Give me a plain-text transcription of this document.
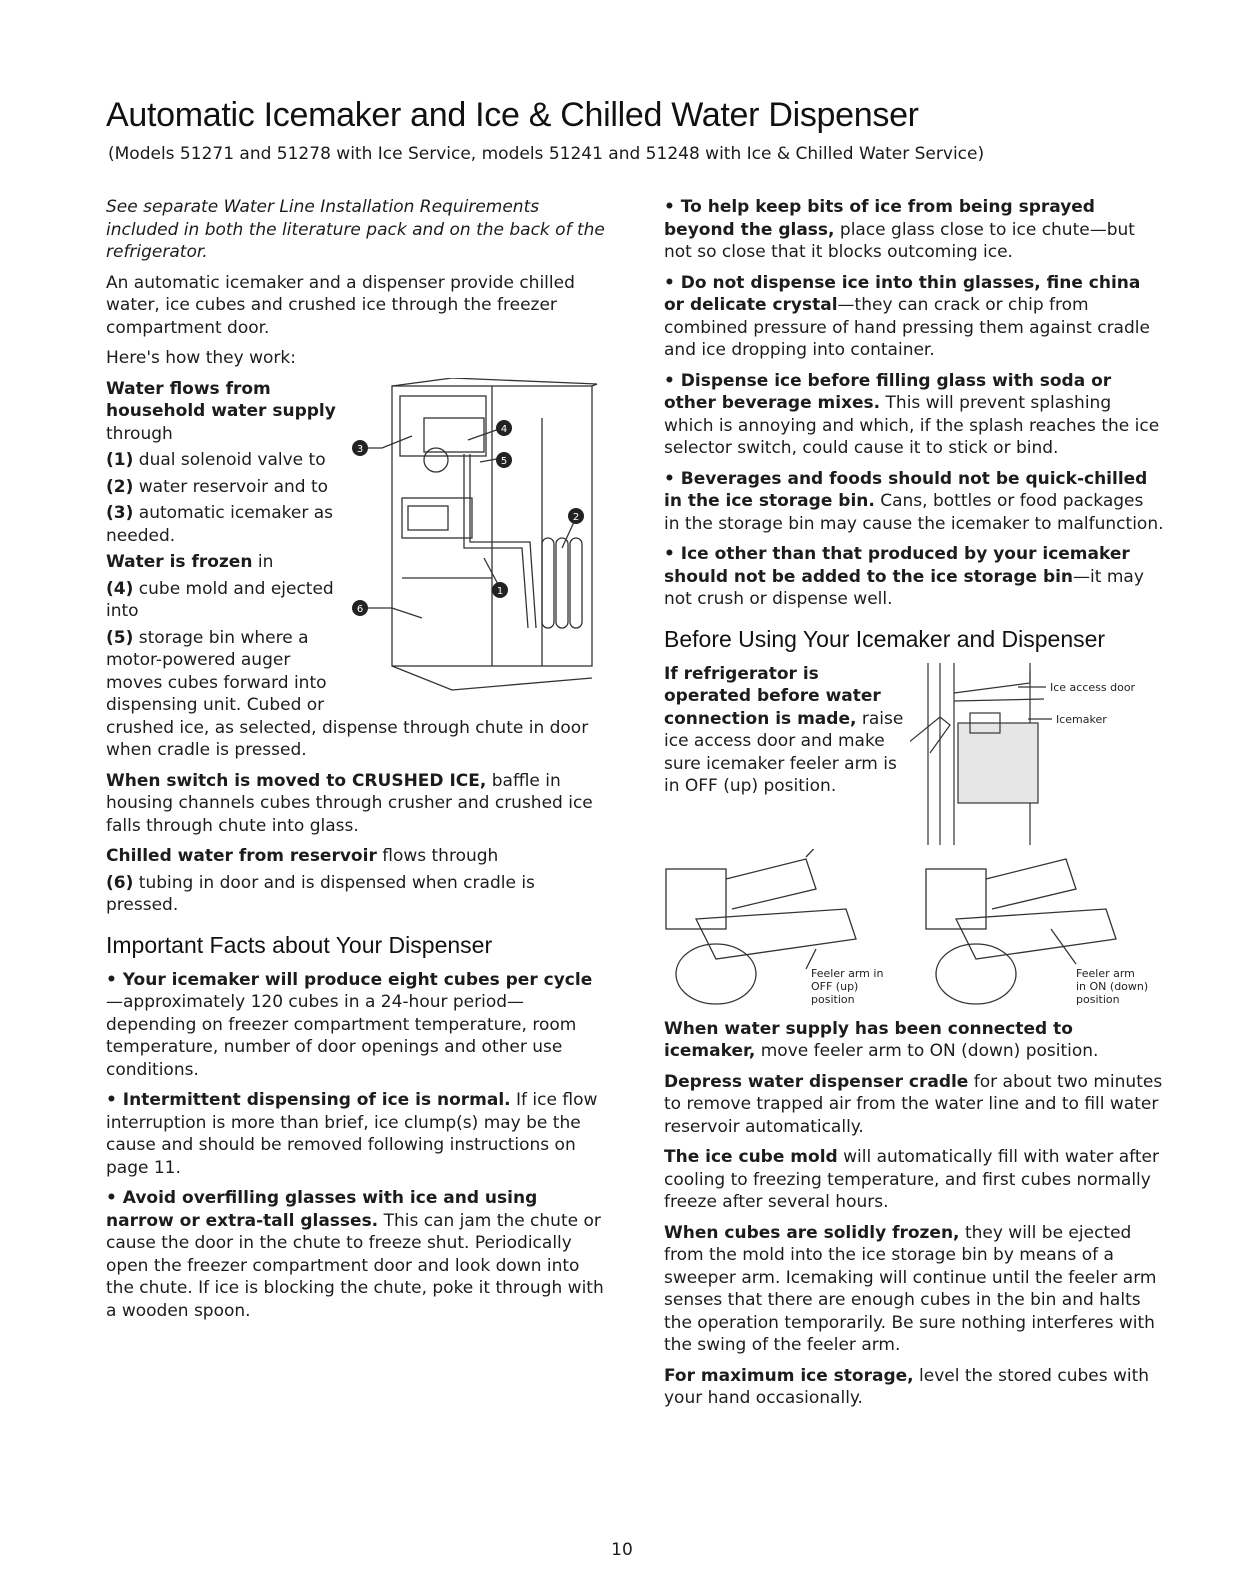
Automatic Icemaker and Ice & Chilled Water Dispenser
(Models 51271 and 51278 with Ice Service, models 51241 and 51248 with Ice & Chilled Water Service)

See separate Water Line Installation Requirements included in both the literature pack and on the back of the refrigerator.

An automatic icemaker and a dispenser provide chilled water, ice cubes and crushed ice through the freezer compartment door.

Here's how they work:

3
4
5
2
6
1

Water flows from household water supply through

(1) dual solenoid valve to

(2) water reservoir and to

(3) automatic icemaker as needed.

Water is frozen in

(4) cube mold and ejected into

(5) storage bin where a motor-powered auger moves cubes forward into dispensing unit. Cubed or crushed ice, as selected, dispense through chute in door when cradle is pressed.

When switch is moved to CRUSHED ICE, baffle in housing channels cubes through crusher and crushed ice falls through chute into glass.

Chilled water from reservoir flows through

(6) tubing in door and is dispensed when cradle is pressed.

Important Facts about Your Dispenser

• Your icemaker will produce eight cubes per cycle—approximately 120 cubes in a 24-hour period—depending on freezer compartment temperature, room temperature, number of door openings and other use conditions.

• Intermittent dispensing of ice is normal. If ice flow interruption is more than brief, ice clump(s) may be the cause and should be removed following instructions on page 11.

• Avoid overfilling glasses with ice and using narrow or extra-tall glasses. This can jam the chute or cause the door in the chute to freeze shut. Periodically open the freezer compartment door and look down into the chute. If ice is blocking the chute, poke it through with a wooden spoon.

• To help keep bits of ice from being sprayed beyond the glass, place glass close to ice chute—but not so close that it blocks outcoming ice.

• Do not dispense ice into thin glasses, fine china or delicate crystal—they can crack or chip from combined pressure of hand pressing them against cradle and ice dropping into container.

• Dispense ice before filling glass with soda or other beverage mixes. This will prevent splashing which is annoying and which, if the splash reaches the ice selector switch, could cause it to stick or bind.

• Beverages and foods should not be quick-chilled in the ice storage bin. Cans, bottles or food packages in the storage bin may cause the icemaker to malfunction.

• Ice other than that produced by your icemaker should not be added to the ice storage bin—it may not crush or dispense well.

Before Using Your Icemaker and Dispenser
Ice access door
Icemaker

If refrigerator is operated before water connection is made, raise ice access door and make sure icemaker feeler arm is in OFF (up) position.

Feeler arm in
OFF (up)
position
Feeler arm
in ON (down)
position

When water supply has been connected to icemaker, move feeler arm to ON (down) position.

Depress water dispenser cradle for about two minutes to remove trapped air from the water line and to fill water reservoir automatically.

The ice cube mold will automatically fill with water after cooling to freezing temperature, and first cubes normally freeze after several hours.

When cubes are solidly frozen, they will be ejected from the mold into the ice storage bin by means of a sweeper arm. Icemaking will continue until the feeler arm senses that there are enough cubes in the bin and halts the operation temporarily. Be sure nothing interferes with the swing of the feeler arm.

For maximum ice storage, level the stored cubes with your hand occasionally.

10
